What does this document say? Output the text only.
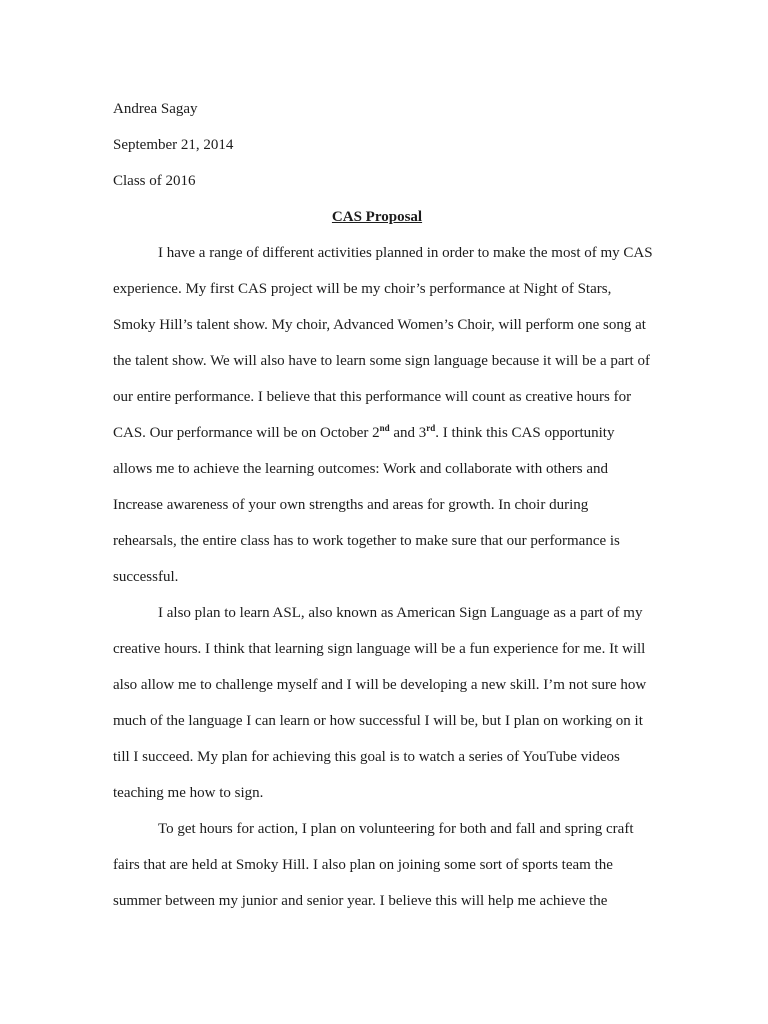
Andrea Sagay
September 21, 2014
Class of 2016
CAS Proposal
I have a range of different activities planned in order to make the most of my CAS
experience. My first CAS project will be my choir’s performance at Night of Stars,
Smoky Hill’s talent show. My choir, Advanced Women’s Choir, will perform one song at
the talent show. We will also have to learn some sign language because it will be a part of
our entire performance. I believe that this performance will count as creative hours for
CAS. Our performance will be on October 2nd and 3rd. I think this CAS opportunity
allows me to achieve the learning outcomes: Work and collaborate with others and
Increase awareness of your own strengths and areas for growth. In choir during
rehearsals, the entire class has to work together to make sure that our performance is
successful.
I also plan to learn ASL, also known as American Sign Language as a part of my
creative hours. I think that learning sign language will be a fun experience for me. It will
also allow me to challenge myself and I will be developing a new skill. I’m not sure how
much of the language I can learn or how successful I will be, but I plan on working on it
till I succeed. My plan for achieving this goal is to watch a series of YouTube videos
teaching me how to sign.
To get hours for action, I plan on volunteering for both and fall and spring craft
fairs that are held at Smoky Hill. I also plan on joining some sort of sports team the
summer between my junior and senior year. I believe this will help me achieve the
